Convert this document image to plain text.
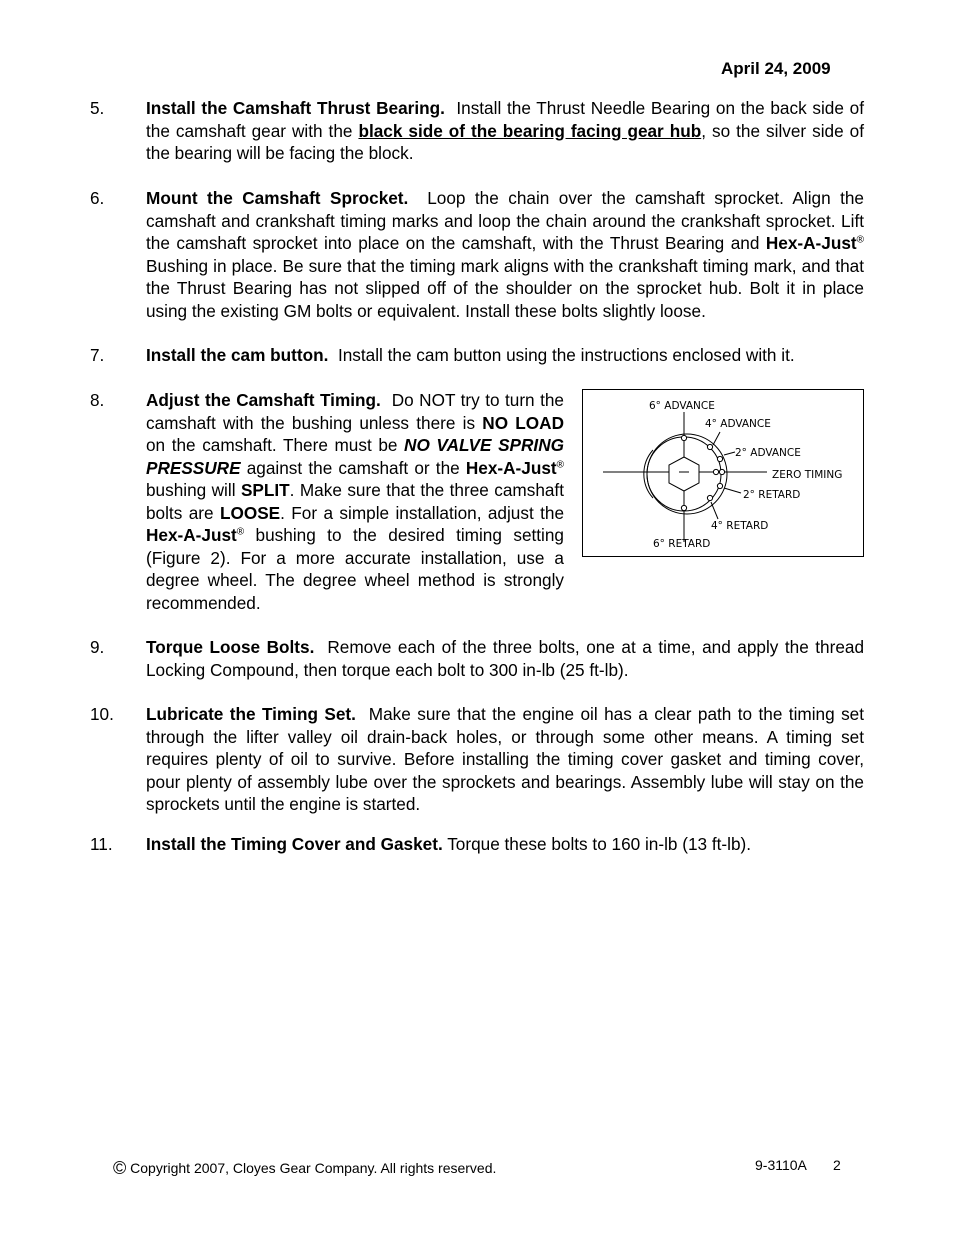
April 24, 2009
5. Install the Camshaft Thrust Bearing. Install the Thrust Needle Bearing on the back side of the camshaft gear with the black side of the bearing facing gear hub, so the silver side of the bearing will be facing the block.
6. Mount the Camshaft Sprocket. Loop the chain over the camshaft sprocket. Align the camshaft and crankshaft timing marks and loop the chain around the crankshaft sprocket. Lift the camshaft sprocket into place on the camshaft, with the Thrust Bearing and Hex-A-Just® Bushing in place. Be sure that the timing mark aligns with the crankshaft timing mark, and that the Thrust Bearing has not slipped off of the shoulder on the sprocket hub. Bolt it in place using the existing GM bolts or equivalent. Install these bolts slightly loose.
7. Install the cam button. Install the cam button using the instructions enclosed with it.
8. Adjust the Camshaft Timing. Do NOT try to turn the camshaft with the bushing unless there is NO LOAD on the camshaft. There must be NO VALVE SPRING PRESSURE against the camshaft or the Hex-A-Just® bushing will SPLIT. Make sure that the three camshaft bolts are LOOSE. For a simple installation, adjust the Hex-A-Just® bushing to the desired timing setting (Figure 2). For a more accurate installation, use a degree wheel. The degree wheel method is strongly recommended.
6° ADVANCE
4° ADVANCE
2° ADVANCE
ZERO TIMING
2° RETARD
4° RETARD
6° RETARD
9. Torque Loose Bolts. Remove each of the three bolts, one at a time, and apply the thread Locking Compound, then torque each bolt to 300 in-lb (25 ft-lb).
10. Lubricate the Timing Set. Make sure that the engine oil has a clear path to the timing set through the lifter valley oil drain-back holes, or through some other means. A timing set requires plenty of oil to survive. Before installing the timing cover gasket and timing cover, pour plenty of assembly lube over the sprockets and bearings. Assembly lube will stay on the sprockets until the engine is started.
11. Install the Timing Cover and Gasket. Torque these bolts to 160 in-lb (13 ft-lb).
© Copyright 2007, Cloyes Gear Company. All rights reserved.	9-3110A 2
